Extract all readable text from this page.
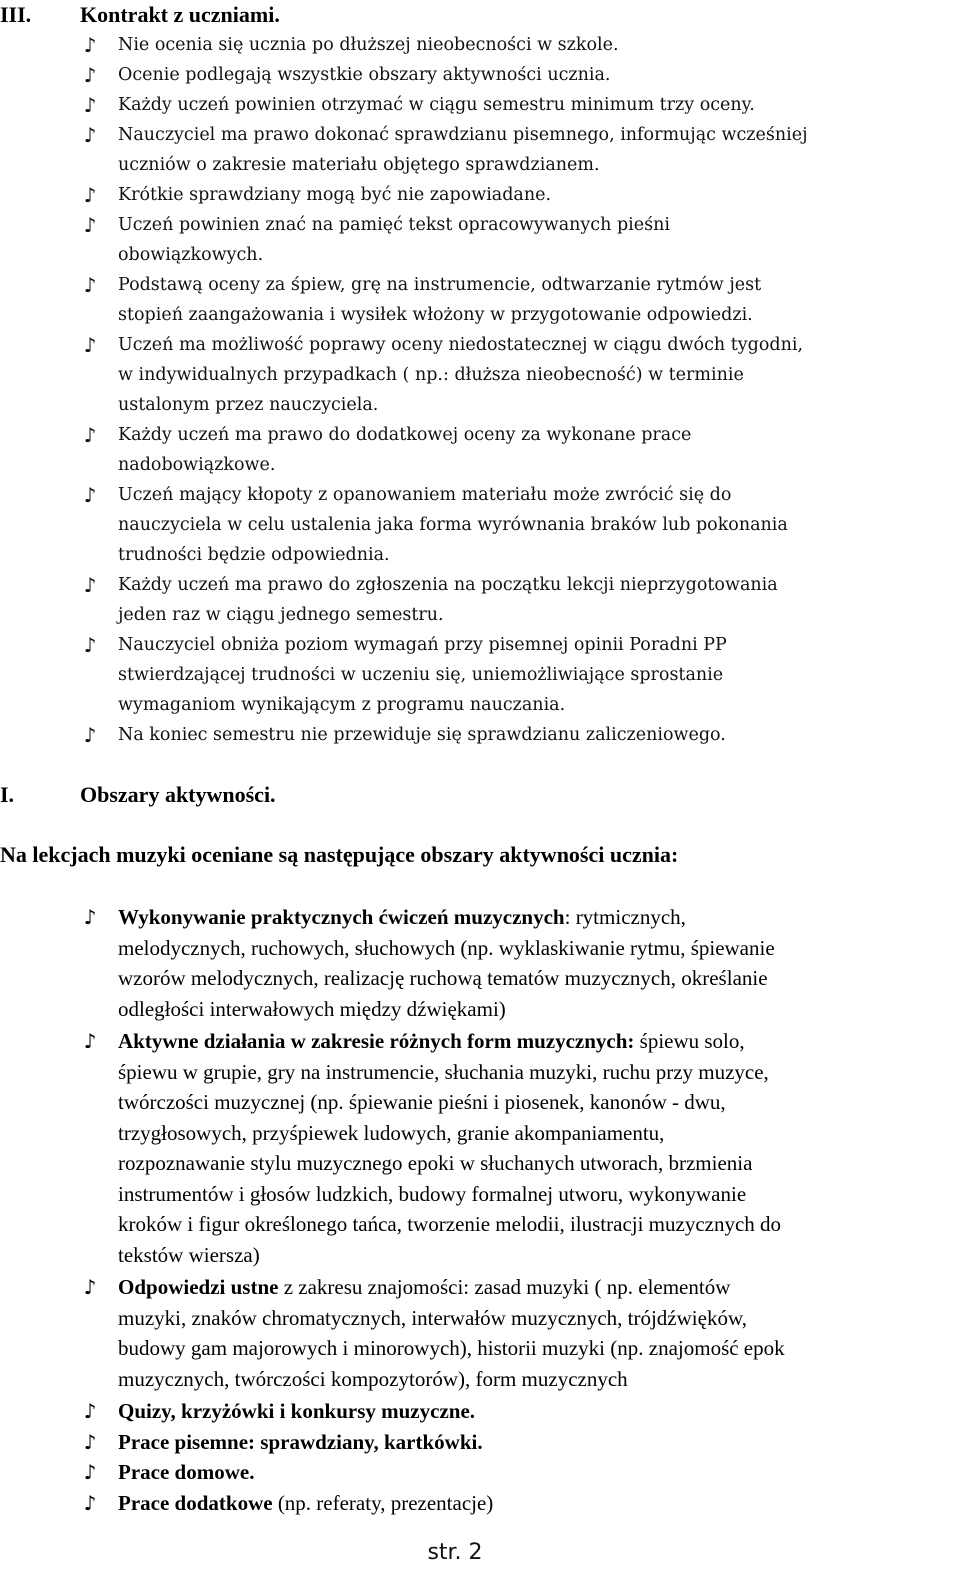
III. Kontrakt z uczniami.
♪ Nie ocenia się ucznia po dłuższej nieobecności w szkole.
♪ Ocenie podlegają wszystkie obszary aktywności ucznia.
♪ Każdy uczeń powinien otrzymać w ciągu semestru minimum trzy oceny.
♪ Nauczyciel ma prawo dokonać sprawdzianu pisemnego, informując wcześniej
uczniów o zakresie materiału objętego sprawdzianem.
♪ Krótkie sprawdziany mogą być nie zapowiadane.
♪ Uczeń powinien znać na pamięć tekst opracowywanych pieśni
obowiązkowych.
♪ Podstawą oceny za śpiew, grę na instrumencie, odtwarzanie rytmów jest
stopień zaangażowania i wysiłek włożony w przygotowanie odpowiedzi.
♪ Uczeń ma możliwość poprawy oceny niedostatecznej w ciągu dwóch tygodni,
w indywidualnych przypadkach ( np.: dłuższa nieobecność) w terminie
ustalonym przez nauczyciela.
♪ Każdy uczeń ma prawo do dodatkowej oceny za wykonane prace
nadobowiązkowe.
♪ Uczeń mający kłopoty z opanowaniem materiału może zwrócić się do
nauczyciela w celu ustalenia jaka forma wyrównania braków lub pokonania
trudności będzie odpowiednia.
♪ Każdy uczeń ma prawo do zgłoszenia na początku lekcji nieprzygotowania
jeden raz w ciągu jednego semestru.
♪ Nauczyciel obniża poziom wymagań przy pisemnej opinii Poradni PP
stwierdzającej trudności w uczeniu się, uniemożliwiające sprostanie
wymaganiom wynikającym z programu nauczania.
♪ Na koniec semestru nie przewiduje się sprawdzianu zaliczeniowego.
I.	Obszary aktywności.
Na lekcjach muzyki oceniane są następujące obszary aktywności ucznia:
♪ Wykonywanie praktycznych ćwiczeń muzycznych: rytmicznych,
melodycznych, ruchowych, słuchowych (np. wyklaskiwanie rytmu, śpiewanie
wzorów melodycznych, realizację ruchową tematów muzycznych, określanie
odległości interwałowych między dźwiękami)
♪ Aktywne działania w zakresie różnych form muzycznych: śpiewu solo,
śpiewu w grupie, gry na instrumencie, słuchania muzyki, ruchu przy muzyce,
twórczości muzycznej (np. śpiewanie pieśni i piosenek, kanonów - dwu,
trzygłosowych, przyśpiewek ludowych, granie akompaniamentu,
rozpoznawanie stylu muzycznego epoki w słuchanych utworach, brzmienia
instrumentów i głosów ludzkich, budowy formalnej utworu, wykonywanie
kroków i figur określonego tańca, tworzenie melodii, ilustracji muzycznych do
tekstów wiersza)
♪ Odpowiedzi ustne z zakresu znajomości: zasad muzyki ( np. elementów
muzyki, znaków chromatycznych, interwałów muzycznych, trójdźwięków,
budowy gam majorowych i minorowych), historii muzyki (np. znajomość epok
muzycznych, twórczości kompozytorów), form muzycznych
♪ Quizy, krzyżówki i konkursy muzyczne.
♪ Prace pisemne: sprawdziany, kartkówki.
♪ Prace domowe.
♪ Prace dodatkowe (np. referaty, prezentacje)
str. 2
